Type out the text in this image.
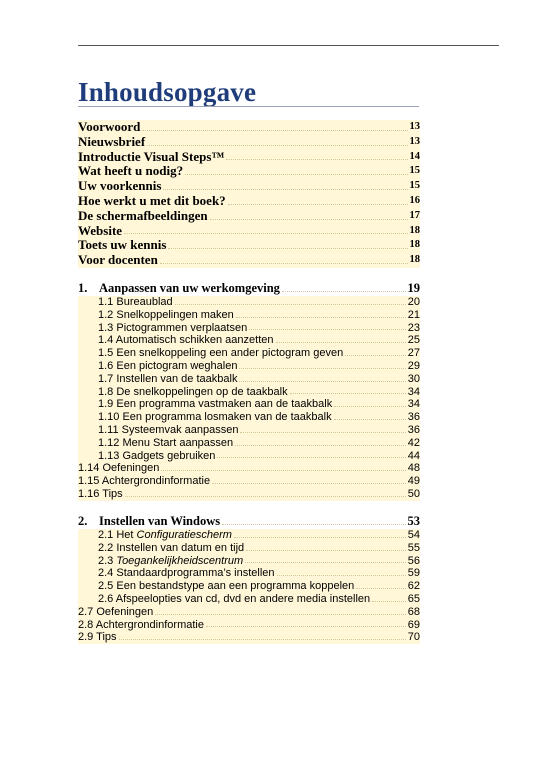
Inhoudsopgave
Voorwoord	13
Nieuwsbrief	13
Introductie Visual Steps™	14
Wat heeft u nodig?	15
Uw voorkennis	15
Hoe werkt u met dit boek?	16
De schermafbeeldingen	17
Website	18
Toets uw kennis	18
Voor docenten	18
1. Aanpassen van uw werkomgeving	19
1.1 Bureaublad	20
1.2 Snelkoppelingen maken	21
1.3 Pictogrammen verplaatsen	23
1.4 Automatisch schikken aanzetten	25
1.5 Een snelkoppeling een ander pictogram geven	27
1.6 Een pictogram weghalen	29
1.7 Instellen van de taakbalk	30
1.8 De snelkoppelingen op de taakbalk	34
1.9 Een programma vastmaken aan de taakbalk	34
1.10 Een programma losmaken van de taakbalk	36
1.11 Systeemvak aanpassen	36
1.12 Menu Start aanpassen	42
1.13 Gadgets gebruiken	44
1.14 Oefeningen	48
1.15 Achtergrondinformatie	49
1.16 Tips	50
2. Instellen van Windows	53
2.1 Het Configuratiescherm	54
2.2 Instellen van datum en tijd	55
2.3 Toegankelijkheidscentrum	56
2.4 Standaardprogramma’s instellen	59
2.5 Een bestandstype aan een programma koppelen	62
2.6 Afspeelopties van cd, dvd en andere media instellen	65
2.7 Oefeningen	68
2.8 Achtergrondinformatie	69
2.9 Tips	70
